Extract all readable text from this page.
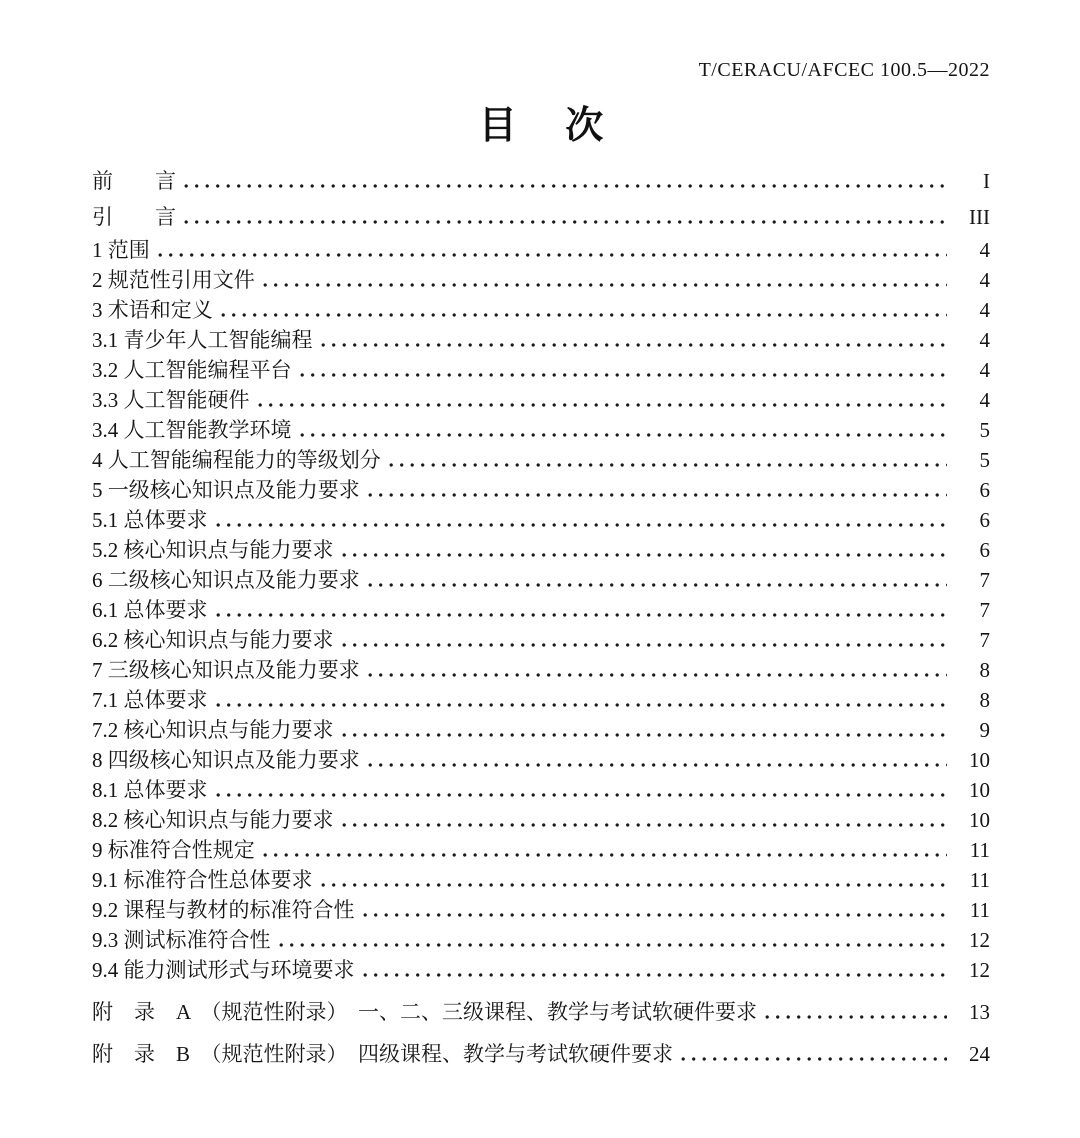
T/CERACU/AFCEC 100.5—2022
目　 次
前　　言	I
引　　言	III
1 范围	4
2 规范性引用文件	4
3 术语和定义	4
3.1 青少年人工智能编程	4
3.2 人工智能编程平台	4
3.3 人工智能硬件	4
3.4 人工智能教学环境	5
4 人工智能编程能力的等级划分	5
5 一级核心知识点及能力要求	6
5.1 总体要求	6
5.2 核心知识点与能力要求	6
6 二级核心知识点及能力要求	7
6.1 总体要求	7
6.2 核心知识点与能力要求	7
7 三级核心知识点及能力要求	8
7.1 总体要求	8
7.2 核心知识点与能力要求	9
8 四级核心知识点及能力要求	10
8.1 总体要求	10
8.2 核心知识点与能力要求	10
9 标准符合性规定	11
9.1 标准符合性总体要求	11
9.2 课程与教材的标准符合性	11
9.3 测试标准符合性	12
9.4 能力测试形式与环境要求	12
附　录　A　（规范性附录）　一、二、三级课程、教学与考试软硬件要求	13
附　录　B　（规范性附录）　四级课程、教学与考试软硬件要求	24
